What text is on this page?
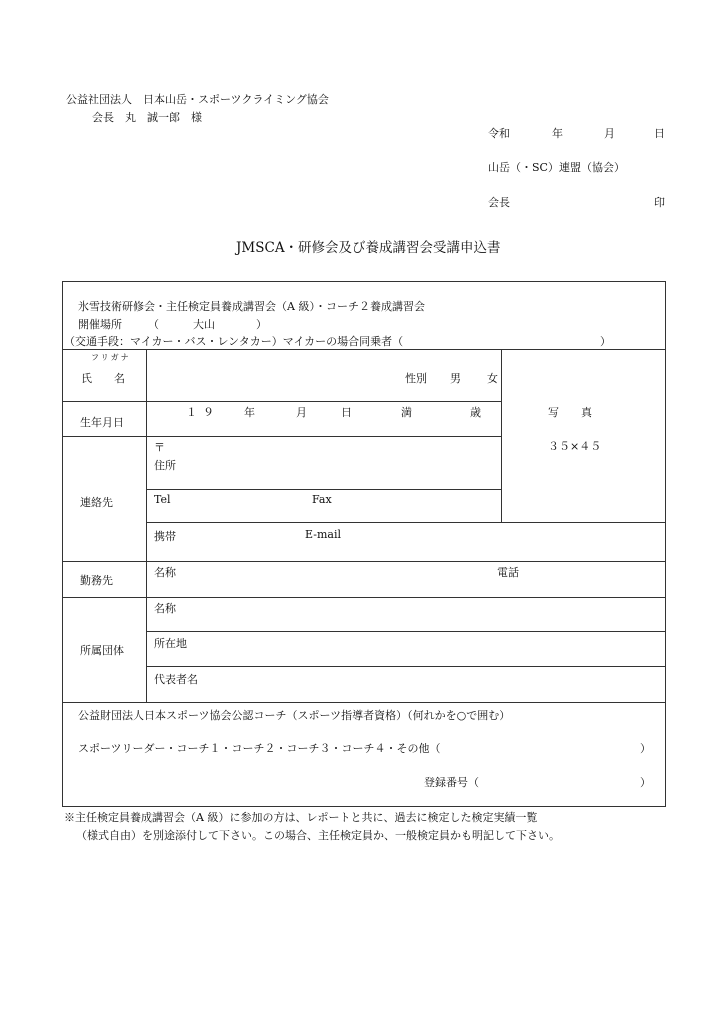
公益社団法人　日本山岳・スポーツクライミング協会
会長　丸　誠一郎　様
令和	年	月	日
山岳（・SC）連盟（協会）
会長	印
JMSCA・研修会及び養成講習会受講申込書
氷雪技術研修会・主任検定員養成講習会（A 級）・コーチ２養成講習会
開催場所 （	大山	）
（交通手段：マイカー・バス・レンタカー）マイカーの場合同乗者（	）
フリガナ
氏　　名	性別 男 女
生年月日
１９ 年	月	日	満	歳	写　　真
３５×４５
連絡先
〒
住所
Tel	Fax
携帯	E-mail
勤務先
名称	電話
所属団体
名称
所在地
代表者名
公益財団法人日本スポーツ協会公認コーチ（スポーツ指導者資格）（何れかを○で囲む）
スポーツリーダー・コーチ１・コーチ２・コーチ３・コーチ４・その他（	）
登録番号（	）
※主任検定員養成講習会（A 級）に参加の方は、レポートと共に、過去に検定した検定実績一覧
（様式自由）を別途添付して下さい。この場合、主任検定員か、一般検定員かも明記して下さい。
